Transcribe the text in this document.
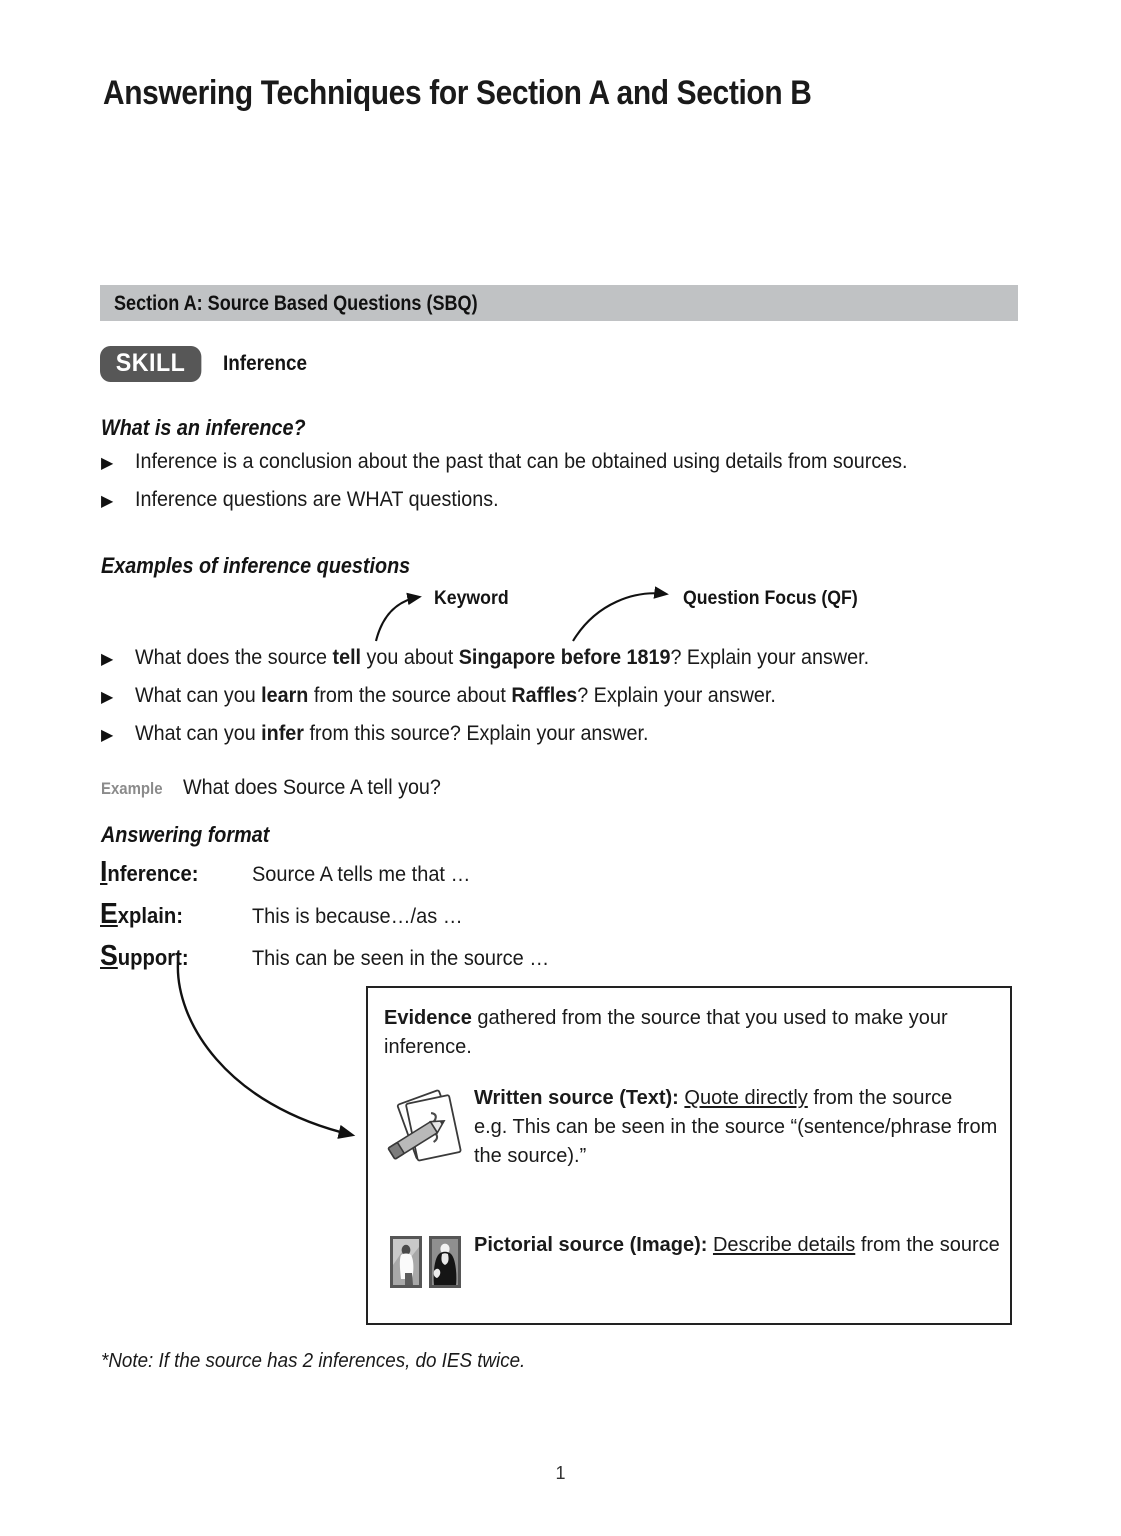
Answering Techniques for Section A and Section B
Section A: Source Based Questions (SBQ)
SKILL	Inference
What is an inference?
▶	Inference is a conclusion about the past that can be obtained using details from sources.
▶	Inference questions are WHAT questions.
Examples of inference questions
Keyword	Question Focus (QF)
▶	What does the source tell you about Singapore before 1819? Explain your answer.
▶	What can you learn from the source about Raffles? Explain your answer.
▶	What can you infer from this source? Explain your answer.
Example What does Source A tell you?
Answering format
Inference:	Source A tells me that …
Explain:	This is because…/as …
Support:	This can be seen in the source …
Evidence gathered from the source that you used to make your inference.
Written source (Text): Quote directly from the source
e.g. This can be seen in the source “(sentence/phrase from the source).”
Pictorial source (Image): Describe details from the source
*Note: If the source has 2 inferences, do IES twice.
1
